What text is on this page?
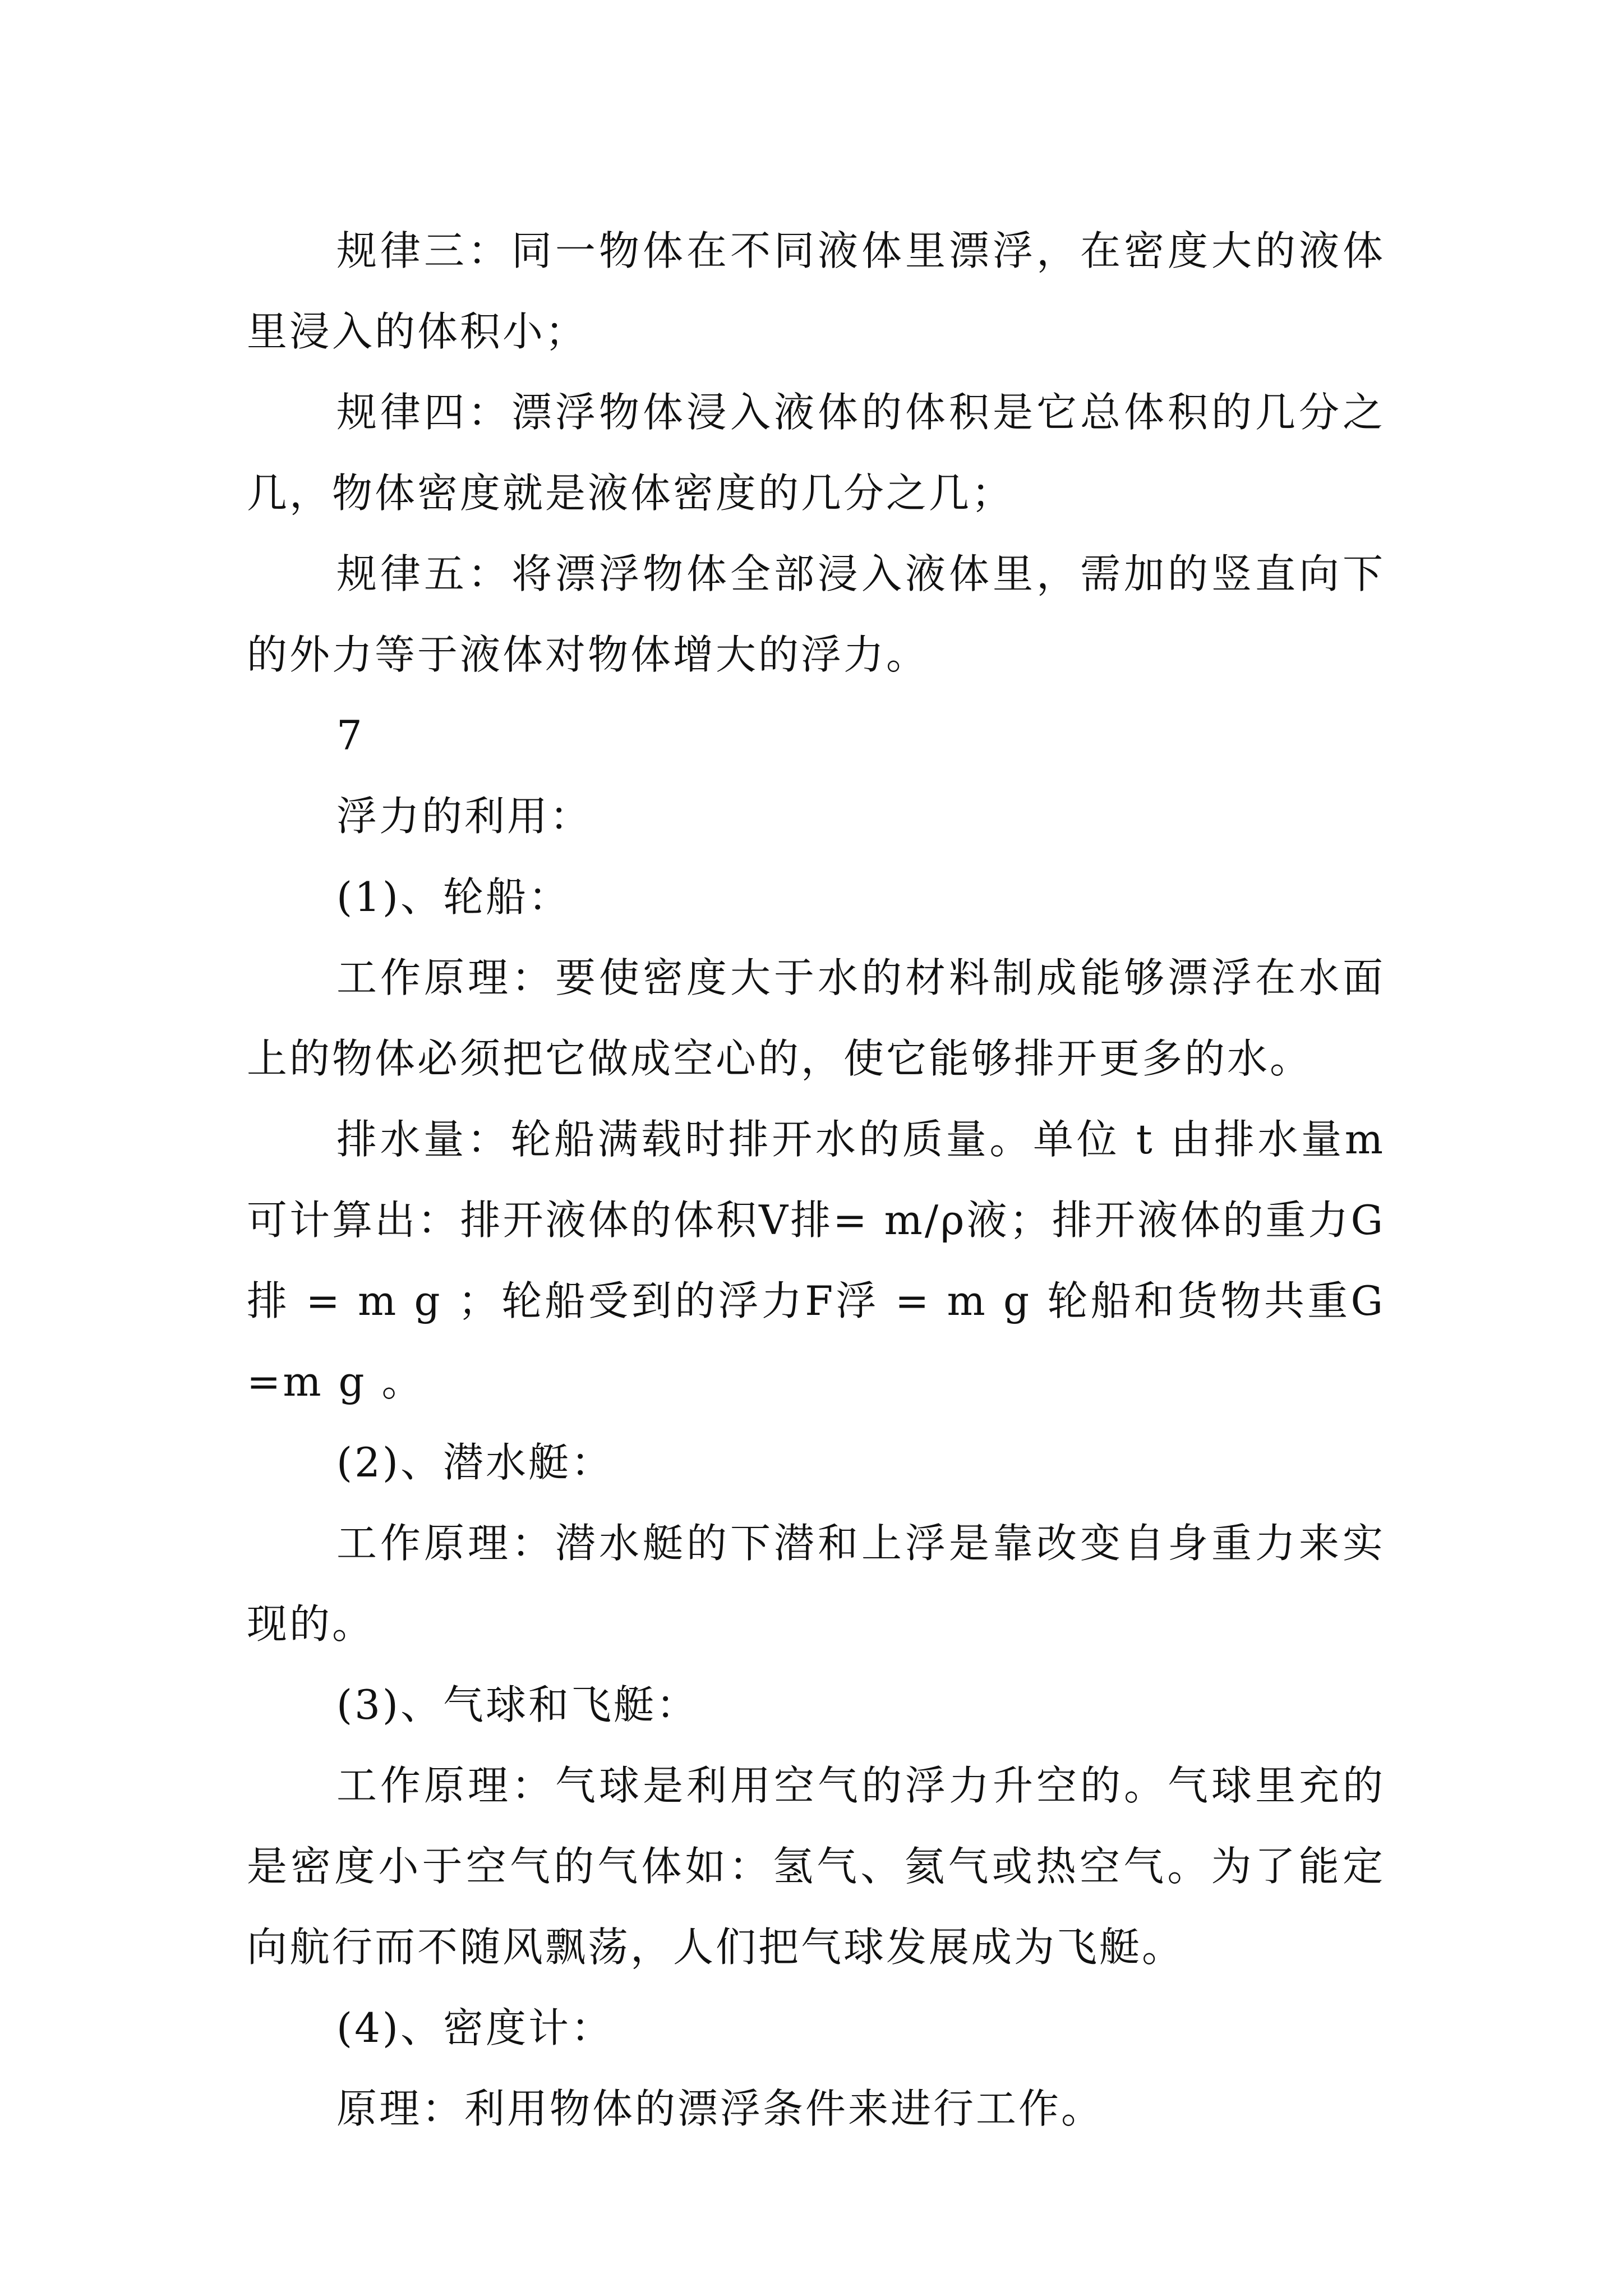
规律三：同一物体在不同液体里漂浮，在密度大的液体里浸入的体积小；

规律四：漂浮物体浸入液体的体积是它总体积的几分之几，物体密度就是液体密度的几分之几；

规律五：将漂浮物体全部浸入液体里，需加的竖直向下的外力等于液体对物体增大的浮力。

7

浮力的利用：

(1)、轮船：

工作原理：要使密度大于水的材料制成能够漂浮在水面上的物体必须把它做成空心的，使它能够排开更多的水。

排水量：轮船满载时排开水的质量。单位 t 由排水量m 可计算出：排开液体的体积V排= m/ρ液；排开液体的重力G排 = m g ；轮船受到的浮力F浮 = m g 轮船和货物共重G=m g 。

(2)、潜水艇：

工作原理：潜水艇的下潜和上浮是靠改变自身重力来实现的。

(3)、气球和飞艇：

工作原理：气球是利用空气的浮力升空的。气球里充的是密度小于空气的气体如：氢气、氦气或热空气。为了能定向航行而不随风飘荡，人们把气球发展成为飞艇。

(4)、密度计：

原理：利用物体的漂浮条件来进行工作。
